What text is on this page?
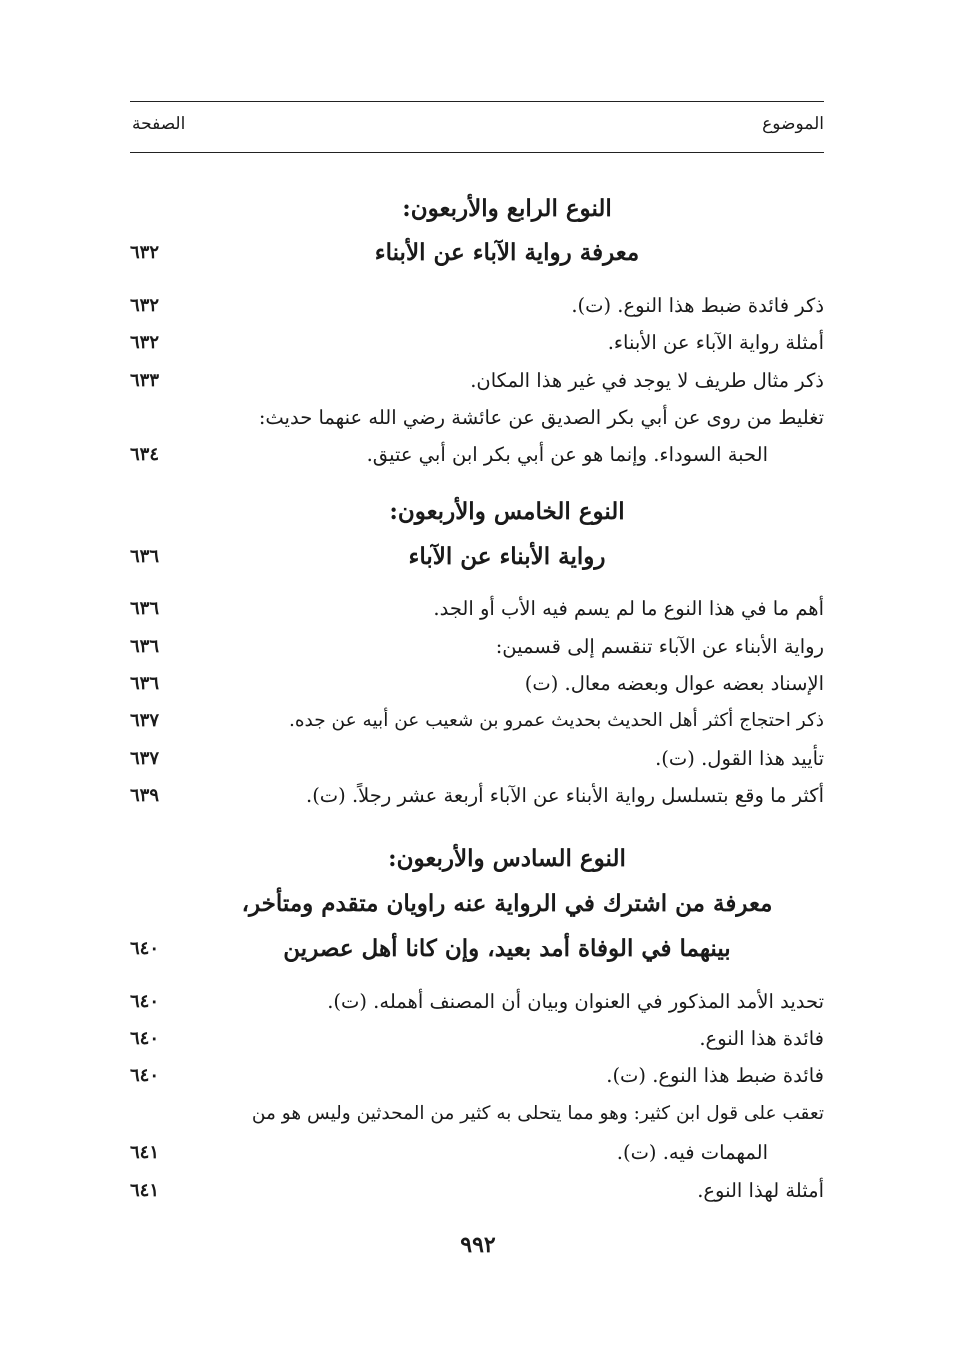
الموضوع
الصفحة
النوع الرابع والأربعون:
معرفة رواية الآباء عن الأبناء
٦٣٢
ذكر فائدة ضبط هذا النوع. (ت).
٦٣٢
أمثلة رواية الآباء عن الأبناء.
٦٣٢
ذكر مثال طريف لا يوجد في غير هذا المكان.
٦٣٣
تغليط من روى عن أبي بكر الصديق عن عائشة رضي الله عنهما حديث:
الحبة السوداء. وإنما هو عن أبي بكر ابن أبي عتيق.
٦٣٤
النوع الخامس والأربعون:
رواية الأبناء عن الآباء
٦٣٦
أهم ما في هذا النوع ما لم يسم فيه الأب أو الجد.
٦٣٦
رواية الأبناء عن الآباء تنقسم إلى قسمين:
٦٣٦
الإسناد بعضه عوال وبعضه معال. (ت)
٦٣٦
ذكر احتجاج أكثر أهل الحديث بحديث عمرو بن شعيب عن أبيه عن جده.
٦٣٧
تأييد هذا القول. (ت).
٦٣٧
أكثر ما وقع بتسلسل رواية الأبناء عن الآباء أربعة عشر رجلاً. (ت).
٦٣٩
النوع السادس والأربعون:
معرفة من اشترك في الرواية عنه راويان متقدم ومتأخر،
بينهما في الوفاة أمد بعيد، وإن كانا أهل عصرين
٦٤٠
تحديد الأمد المذكور في العنوان وبيان أن المصنف أهمله. (ت).
٦٤٠
فائدة هذا النوع.
٦٤٠
فائدة ضبط هذا النوع. (ت).
٦٤٠
تعقب على قول ابن كثير: وهو مما يتحلى به كثير من المحدثين وليس هو من
المهمات فيه. (ت).
٦٤١
أمثلة لهذا النوع.
٦٤١
٩٩٢
